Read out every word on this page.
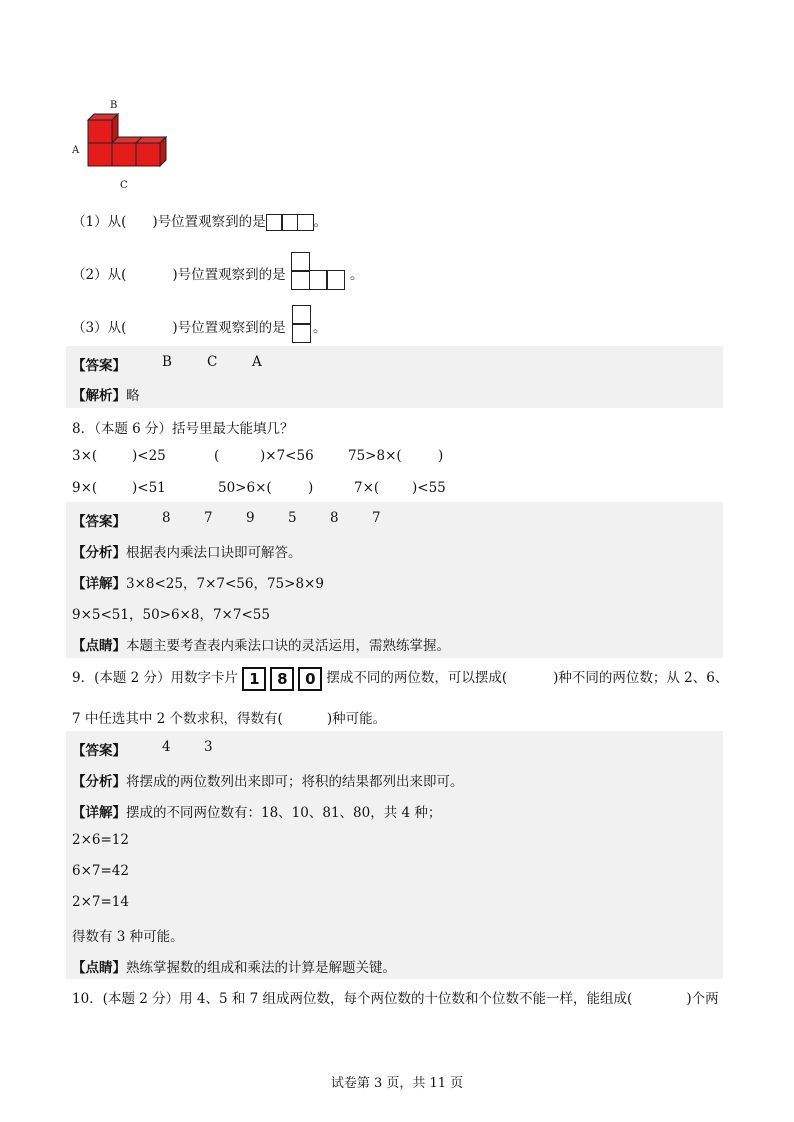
B
A
C
（1）从( )号位置观察到的是	。
（2）从(	)号位置观察到的是	。
（3）从(	)号位置观察到的是 。
【答案】	B	C	A
【解析】略
8．（本题 6 分）括号里最大能填几？
3×(	)<25	(	)×7<56	75>8×(	)
9×(	)<51	50>6×(	)	7×( )<55
【答案】	8 7 9 5 8 7
【分析】根据表内乘法口诀即可解答。
【详解】3×8<25，7×7<56，75>8×9
9×5<51，50>6×8，7×7<55
【点睛】本题主要考查表内乘法口诀的灵活运用，需熟练掌握。
9．(本题 2 分）用数字卡片 1 8 0 摆成不同的两位数，可以摆成(	)种不同的两位数；从 2、6、
7 中任选其中 2 个数求积，得数有(	)种可能。
【答案】	4 3
【分析】将摆成的两位数列出来即可；将积的结果都列出来即可。
【详解】摆成的不同两位数有：18、10、81、80，共 4 种；
2×6=12
6×7=42
2×7=14
得数有 3 种可能。
【点睛】熟练掌握数的组成和乘法的计算是解题关键。
10．(本题 2 分）用 4、5 和 7 组成两位数，每个两位数的十位数和个位数不能一样，能组成(	)个两
试卷第 3 页，共 11 页
